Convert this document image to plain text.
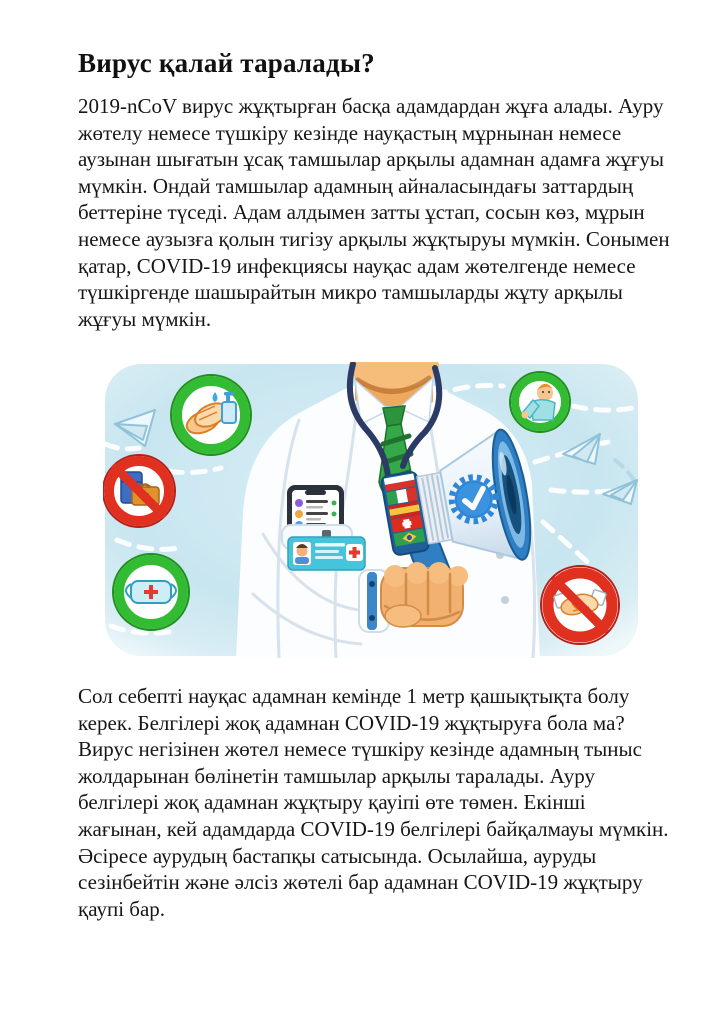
Вирус қалай таралады?

2019-nCoV вирус жұқтырған басқа адамдардан жұға алады. Ауру жөтелу немесе түшкіру кезінде науқастың мұрнынан немесе аузынан шығатын ұсақ тамшылар арқылы адамнан адамға жұғуы мүмкін. Ондай тамшылар адамның айналасындағы заттардың беттеріне түседі. Адам алдымен затты ұстап, сосын көз, мұрын немесе аузызға қолын тигізу арқылы жұқтыруы мүмкін. Сонымен қатар, COVID-19 инфекциясы науқас адам жөтелгенде немесе түшкіргенде шашырайтын микро тамшыларды жұту арқылы жұғуы мүмкін.

Сол себепті науқас адамнан кемінде 1 метр қашықтықта болу керек. Белгілері жоқ адамнан COVID-19 жұқтыруға бола ма? Вирус негізінен жөтел немесе түшкіру кезінде адамның тыныс жолдарынан бөлінетін тамшылар арқылы таралады. Ауру белгілері жоқ адамнан жұқтыру қауіпі өте төмен. Екінші жағынан, кей адамдарда COVID-19 белгілері байқалмауы мүмкін. Әсіресе аурудың бастапқы сатысында. Осылайша, ауруды сезінбейтін және әлсіз жөтелі бар адамнан COVID-19 жұқтыру қаупі бар.
